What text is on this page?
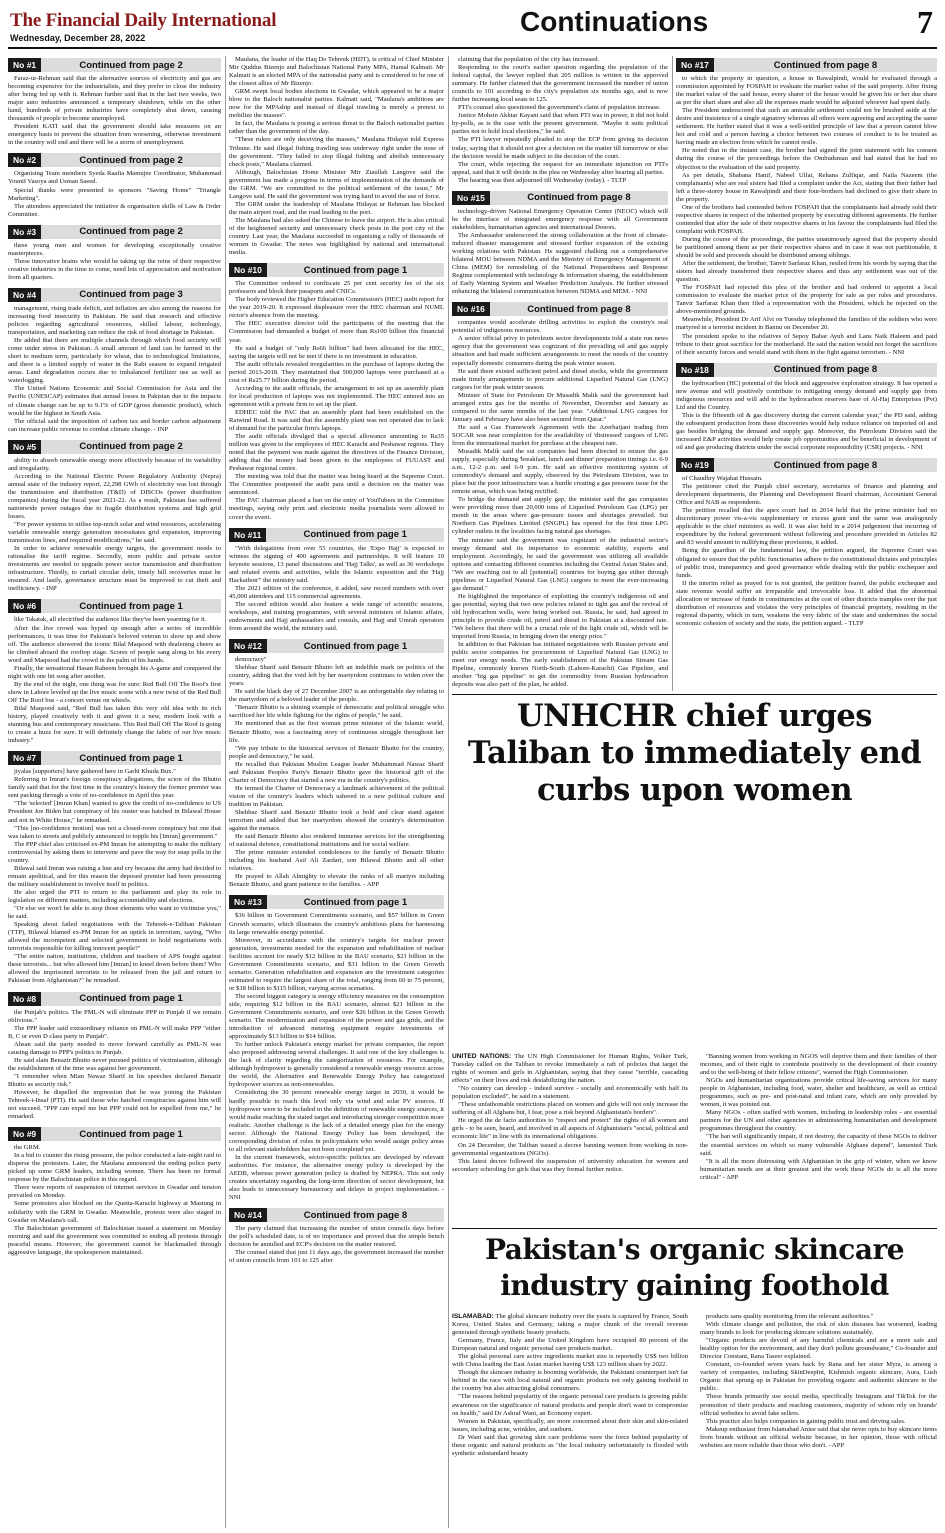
The Financial Daily International
Wednesday, December 28, 2022
Continuations	7
No #1	Continued from page 2

Faraz-ur-Rehman said that the alternative sources of electricity and gas are becoming expensive for the industrialists, and they prefer to close the industry after being fed up with it. Rehman further said that in the last two weeks, two major auto industries announced a temporary shutdown, while on the other hand, hundreds of private industries have completely shut down, causing thousands of people to become unemployed.

President KATI said that the government should take measures on an emergency basis to prevent the situation from worsening, otherwise investment in the country will end and there will be a storm of unemployment.

No #2	Continued from page 2

Organising Team members Syeda Raafia Mamujee Coordinator, Muhammad Younif Vasoya and Usman Saeed.

Special thanks were presented to sponsors "Saving Home" "Triangle Marketing".

The attendees appreciated the initiative & organisation skills of Law & Order Committee.

No #3	Continued from page 2

these young men and women for developing exceptionally creative masterpieces.

These innovative brains who would be taking up the reins of their respective creative industries in the time to come, need lots of approciation and motivation from all quarters.

No #4	Continued from page 3

management, rising trade deficit, and inflation are also among the reasons for increasing food insecurity in Pakistan. He said that research and effective policies regarding agricultural resources, skilled labour, technology, transportation, and marketing can reduce the risk of food shortage in Pakistan.

He added that there are multiple channels through which food security will come under stress in Pakistan. A small amount of land can be farmed in the short to medium term, particularly for wheat, due to technological limitations, and there is a limited supply of water in the Rabi season to expand irrigated areas. Land degradation occurs due to imbalanced fertilizer use as well as waterlogging.

The United Nations Economic and Social Commission for Asia and the Pacific (UNESCAP) estimates that annual losses in Pakistan due to the impacts of climate change can be up to 9.1% of GDP (gross domestic product), which would be the highest in South Asia.

The official said the imposition of carbon tax and border carbon adjustment can increase public revenue to combat climate change. - INP

No #5	Continued from page 2

ability to absorb renewable energy more effectively because of its variability and irregularity.

According to the National Electric Power Regulatory Authority (Nepra) annual state of the industry report, 22,298 GWh of electricity was lost through the transmission and distribution (T&D) of DISCOs (power distribution companies) during the fiscal year 2021-22. As a result, Pakistan has suffered nationwide power outages due to fragile distribution systems and high grid losses.

"For power systems to utilise top-notch solar and wind resources, accelerating variable renewable energy generation necessitates grid expansion, improving transmission lines, and required modifications," he said.

In order to achieve renewable energy targets, the government needs to rationalise the tariff regime. Secondly, more public and private sector investments are needed to upgrade power sector transmission and distribution infrastructure. Thirdly, to curtail circular debt, timely bill recoveries must be ensured. And lastly, governance structure must be improved to cut theft and inefficiency. - INP

No #6	Continued from page 1

like Takatak, all electrified the audience like they've been yearning for it.

After the live crowd was hyped up enough after a series of incredible performances, it was time for Pakistan's beloved veteran to show up and show off. The audience showered the iconic Bilal Maqsood with deafening cheers as he climbed aboard the rooftop stage. Scores of people sang along to his every word and Maqsood had the crowd in the palm of his hands.

Finally, the sensational Hasan Raheem brought his A-game and conquered the night with one hit song after another.

By the end of the night, one thing was for sure: Red Bull Off The Roof's first show in Lahore leveled up the live music scene with a new twist of the Red Bull Off The Roof bus - a concert venue on wheels.

Bilal Maqsood said, "Red Bull has taken this very old idea with its rich history, played creatively with it and given it a new, modern look with a stunning bus and contemporary musicians. This Red Bull Off The Roof is going to create a buzz for sure. It will definitely change the fabric of our live music industry."

No #7	Continued from page 1

jiyalas [supporters] have gathered here in Garhi Khuda Bux."

Referring to Imran's foreign conspiracy allegations, the scion of the Bhutto family said that for the first time in the country's history the former premier was sent packing through a vote of no-confidence in April this year.

"The 'selected' [Imran Khan] wanted to give the credit of no-confidence to US President Joe Biden but conspiracy of his ouster was hatched in Bilawal House and not in White House," he remarked.

"This [no-confidence motion] was not a closed-room conspiracy but one that was taken to streets and publicly announced to topple his [Imran] government."

The PPP chief also criticised ex-PM Imran for attempting to make the military controversial by asking them to intervene and pave the way for snap polls in the country.

Bilawal said Imran was raising a hue and cry because the army had decided to remain apolitical, and for this reason the deposed premier had been pressuring the military establishment to involve itself in politics.

He also urged the PTI to return to the parliament and play its role in legislation on different matters, including accountability and elections.

"Or else we won't be able to stop those elements who want to victimise you," he said.

Speaking about failed negotiations with the Tehreek-e-Taliban Pakistan (TTP), Bilawal blamed ex-PM Imran for an uptick in terrorism, saying, "Who allowed the incompetent and selected government to hold negotiations with terrorists responsible for killing innocent people?"

"The entire nation, institutions, children and teachers of APS fought against these terrorists... but who allowed him [Imran] to kneel down before them? Who allowed the imprisoned terrorists to be released from the jail and return to Pakistan from Afghanistan?" he remarked.

No #8	Continued from page 1

the Punjab's politics. The PML-N will eliminate PPP in Punjab if we remain oblivious."

The PPP leader said extraordinary reliance on PML-N will make PPP "either B, C or even D class party in Punjab".

Ahsan said the party needed to move forward carefully as PML-N was causing damage to PPP's politics in Punjab.

He said slain Benazir Bhutto never pursued politics of victimisation, although the establishment of the time was against her government.

"I remember when Mian Nawaz Sharif in his speeches declared Benazir Bhutto as security risk."

However, he dispelled the impression that he was joining the Pakistan Tehreek-i-Insaf (PTI). He said those who hatched conspiracies against him will not succeed. "PPP can expel me but PPP could not be expelled from me," he remarked.

No #9	Continued from page 1

the GRM.

In a bid to counter the rising pressure, the police conducted a late-night raid to disperse the protesters. Later, the Maulana announced the ending police party picked up some GRM leaders, including women. There has been no formal response by the Balochistan police in this regard.

There were reports of suspension of internet services in Gwadar and tension prevailed on Monday.

Some protesters also blocked on the Quetta-Karachi highway at Mastung in solidarity with the GRM in Gwadar. Meanwhile, protests were also staged in Gwadar on Maulana's call.

The Balochistan government of Balochistan issued a statement on Monday morning and said the government was committed to ending all protests through peaceful means. However, the government cannot be blackmailed through aggressive language, the spokesperson maintained.

Maulana, the leader of the Haq Do Tehreek (HDT), is critical of Chief Minister Mir Quddus Bizenjo and Balochistan National Party MPA, Hamal Kalmati. Mr Kalmati is an elected MPA of the nationalist party and is considered to be one of the closest allies of Mr Bizenjo.

GRM swept local bodies elections in Gwadar, which appeared to be a major blow to the Baloch nationalist parties. Kalmati said, "Maulana's ambitions are now for the MPAship and instead of illegal trawling is merely a pretext to mobilize the masses".

In fact, the Maulana is posing a serious threat to the Baloch nationalist parties rather than the government of the day.

"These rulers are only deceiving the masses," Maulana Hidayat told Express Tribune. He said illegal fishing trawling was underway right under the nose of the government. "They failed to stop illegal fishing and abolish unnecessary check posts," Maulana claimed.

Although, Balochistan Home Minister Mir Ziaullah Langove said the government has made a progress in terms of implementation of the demands of the GRM. "We are committed to the political settlement of the issue," Mr Langove said. He said the government was trying hard to avoid the use of force.

The GRM under the leadership of Maulana Hidayat ur Rehman has blocked the main airport road, and the road leading to the port.

The Maulana had also asked the Chinese to leave the airport. He is also critical of the heightened security and unnecessary check posts in the port city of the country. Last year, the Maulana succeeded in organising a rally of thousands of women in Gwadar. The news was highlighted by national and international media.

No #10	Continued from page 1

The Committee ordered to confiscate 25 per cent security fee of the six professors and block their passports and CNICs.

The body reviewed the Higher Education Commission's (HEC) audit report for the year 2019-20. It expressed displeasure over the HEC chairman and NUML rector's absence from the meeting.

The HEC executive director told the participants of the meeting that the Commission had demanded a budget of more than Rs100 billion this financial year.

He said a budget of "only Rs66 billion" had been allocated for the HEC, saying the targets will not be met if there is no investment in education.

The audit officials revealed irregularities in the purchase of laptops during the period 2013-2018. They maintained that 500,000 laptops were purchased at a cost of Rs25.77 billion during the period.

According to the audit officials, the arrangement to set up an assembly plant for local production of laptops was not implemented. The HEC entered into an agreement with a private firm to set up the plant.

EDHEC told the PAC that an assembly plant had been established on the Raiwind Road. It was said that the assembly plant was not operated due to lack of demand for the particular firm's laptops.

The audit officials divulged that a special allowance amounting to Rs35 million was given to the employees of HEC Karachi and Peshawar regions. They noted that the payment was made against the directives of the Finance Division, adding that the money had been given to the employees of FUUAST and Peshawar regional centre.

The meeting was told that the matter was being heard at the Supreme Court. The Committee postponed the audit para until a decision on the matter was announced.

The PAC chairman placed a ban on the entry of YouTubers in the Committee meetings, saying only print and electronic media journalists were allowed to cover the event.

No #11	Continued from page 1

"With delegations from over 55 countries, the 'Expo Hajj' is expected to witness the signing of 400 agreements and partnerships. It will feature 10 keynote sessions, 13 panel discussions and 'Hajj Talks', as well as 36 workshops and related events and activities, while the Islamic exposition and the 'Hajj Hackathon'" the ministry said.

The 2021 edition of the conference, it added, saw record numbers with over 45,000 attendees and 115 commercial agreements.

The second edition would also feature a wide range of scientific sessions, workshops, and training programmes, with several ministers of Islamic affairs, endowments and Hajj ambassadors and consuls, and Hajj and Umrah operators from around the world, the ministry said.

No #12	Continued from page 1

democracy"

Shehbaz Sharif said Benazir Bhutto left an indelible mark on politics of the country, adding that the void left by her martyrdom continues to widen over the years.

He said the black day of 27 December 2007 is an unforgettable day relating to the martyrdom of a beloved leader of the people.

"Benazir Bhutto is a shining example of democratic and political struggle who sacrificed her life while fighting for the rights of people," he said.

He mentioned that as the first woman prime minister of the Islamic world, Benazir Bhutto, was a fascinating story of continuous struggle throughout her life.

"We pay tribute to the historical services of Benazir Bhutto for the country, people and democracy," he said.

He recalled that Pakistan Muslim League leader Muhammad Nawaz Sharif and Pakistan Peoples Party's Benazir Bhutto gave the historical gift of the Charter of Democracy that started a new era in the country's politics.

He termed the Charter of Democracy a landmark achievement of the political vision of the country's leaders which ushered in a new political culture and tradition in Pakistan.

Shehbaz Sharif said Benazir Bhutto took a bold and clear stand against terrorism and added that her martyrdom showed the country's determination against the menace.

He said Benazir Bhutto also rendered immense services for the strengthening of national defence, constitutional institutions and for social welfare.

The prime minister extended condolences to the family of Benazir Bhutto including his husband Asif Ali Zardari, son Bilawal Bhutto and all other relatives.

He prayed to Allah Almighty to elevate the ranks of all martyrs including Benazir Bhutto, and grant patience to the families. - APP

No #13	Continued from page 1

$36 billion in Government Commitments scenario, and $57 billion in Green Growth scenario, which illustrates the country's ambitious plans for harnessing its large renewable energy potential.

Moreover, in accordance with the country's targets for nuclear power generation, investments needed for the expansion and rehabilitation of nuclear facilities account for nearly $12 billion in the BAU scenario, $21 billion in the Government Commitments scenario, and $31 billion in the Green Growth scenario. Generation rehabilitation and expansion are the investment categories estimated to require the largest share of the total, ranging from 60 to 75 percent, or $18 billion to $115 billion, varying across scenarios.

The second biggest category is energy efficiency measures on the consumption side, requiring $12 billion in the BAU scenario, almost $21 billion in the Government Commitments scenario, and over $26 billion in the Green Growth scenario. The modernization and expansion of the power and gas grids, and the introduction of advanced metering equipment require investments of approximately $13 billion to $14 billion.

To further unlock Pakistan's energy market for private companies, the report also proposed addressing several challenges. It said one of the key challenges is the lack of clarity regarding the categorization of resources. For example, although hydropower is generally considered a renewable energy resource across the world, the Alternative and Renewable Energy Policy has categorized hydropower sources as non-renewables.

Considering the 30 percent renewable energy target in 2030, it would be hardly possible to reach this level only via wind and solar PV sources. If hydropower were to be included in the definition of renewable energy sources, it would make reaching the stated target and introducing stronger competition more realistic. Another challenge is the lack of a detailed energy plan for the energy sector. Although the National Energy Policy has been developed, the corresponding division of roles in policymakers who would assign policy areas to all relevant stakeholders has not been completed yet.

In the current framework, sector-specific policies are developed by relevant authorities. For instance, the alternative energy policy is developed by the AEDB, whereas power generation policy is drafted by NEPRA. This not only creates uncertainty regarding the long-term direction of sector development, but also leads to unnecessary bureaucracy and delays in project implementation. - NNI

No #14	Continued from page 8

The party claimed that increasing the number of union councils days before the poll's scheduled date, is of no importance and proved that the simple bench decision be annulled and ECP's decision on the matter restored.

The counsel stated that just 11 days ago, the government increased the number of union councils from 101 to 125 after

claiming that the population of the city has increased.

Responding to the court's earlier question regarding the population of the federal capital, the lawyer replied that 205 million is written in the approved summary. He further claimed that the government increased the number of union councils to 101 according to the city's population six months ago, and is now further increasing local seats to 125.

PTI's counsel also questioned the government's claim of population increase.

Justice Mohsin Akhtar Kayani said that when PTI was in power, it did not hold by-polls, as is the case with the present government. "Maybe it suits political parties not to hold local elections," he said.

The PTI lawyer repeatedly pleaded to stop the ECP from giving its decision today, saying that it should not give a decision on the matter till tomorrow or else the decision would be made subject to the decision of the court.

The court, while rejecting the request for an immediate injunction on PTI's appeal, said that it will decide in the plea on Wednesday after hearing all parties.

The hearing was then adjourned till Wednesday (today). - TLTP

No #15	Continued from page 8

technology-driven National Emergency Operation Centre (NEOC) which will be the interface of integrated emergency response with all Government stakeholders, humanitarian agencies and international Donors.

The Ambassador underscored the strong collaboration at the front of climate-induced disaster management and stressed further expansion of the existing working relations with Pakistan. He suggested chalking out a comprehensive bilateral MOU between NDMA and the Ministry of Emergency Management of China (MEM) for remodeling of the National Preparedness and Response Regime complemented with technology & information sharing, the establishment of Early Warning System and Weather Prediction Analysis. He further stressed enhancing the bilateral communication between NDMA and MEM. - NNI

No #16	Continued from page 8

companies would accelerate drilling activities to exploit the country's real potential of indigenous resources.

A senior official privy to petroleum sector developments told a state run news agency that the government was cognizant of the prevailing oil and gas supply situation and had made sufficient arrangements to meet the needs of the country especially domestic consumers during the peak winter season.

He said there existed sufficient petrol and diesel stocks, while the government made timely arrangements to procure additional Liquefied Natural Gas (LNG) cargoes for the peak winter season.

Minister of State for Petroleum Dr Musadik Malik said the government had arranged extra gas for the months of November, December and January as compared to the same months of the last year. "Additional LNG cargoes for January and February have also been secured from Qatar."

He said a Gas Framework Agreement with the Azerbaijani trading firm SOCAR was near completion for the availability of 'distressed' cargoes of LNG from the international market for purchase at the cheapest rate.

Musadik Malik said the sui companies had been directed to ensure the gas supply, especially during 'breakfast, lunch and dinner' preparation timings i.e. 6-9 a.m., 12-2 p.m. and 6-9 p.m. He said an effective monitoring system of commodity's demand and supply, observed by the Petroleum Division, was in place but the poor infrastructure was a hurdle creating a gas pressure issue for the remote areas, which was being rectified.

To bridge the demand and supply gap, the minister said the gas companies were providing more than 20,000 tons of Liquefied Petroleum Gas (LPG) per month in the areas where gas-pressure issues and shortages prevailed. Sui Northern Gas Pipelines Limited (SNGPL) has opened for the first time LPG cylinder outlets in the localities facing natural gas shortages.

The minister said the government was cognizant of the industrial sector's energy demand and its importance to economic stability, exports and employment. Accordingly, he said the government was utilizing all available options and contacting different countries including the Central Asian States and, "We are reaching out to all [potential] countries for buying gas either through pipelines or Liquefied Natural Gas (LNG) cargoes to meet the ever-increasing gas demand."

He highlighted the importance of exploiting the country's indigenous oil and gas potential, saying that two new policies related to tight gas and the revival of old hydrocarbon wells, were being worked out. Russia, he said, had agreed in principle to provide crude oil, petrol and diesel to Pakistan at a discounted rate. "We believe that there will be a crucial role of the light crude oil, which will be imported from Russia, in bringing down the energy price."

In addition to that Pakistan has initiated negotiations with Russian private and public sector companies for procurement of Liquefied Natural Gas (LNG) to meet our energy needs. The early establishment of the Pakistan Stream Gas Pipeline, commonly known North-South (Lahore-Karachi) Gas Pipeline, and another "big gas pipeline" to get the commodity from Russian hydrocarbon deposits was also part of the plan, he added.

No #17	Continued from page 8

to which the property in question, a house in Rawalpindi, would be evaluated through a commission appointed by FOSPAH to evaluate the market value of the said property. After fixing the market value of the said house, every sharer of the house would be given his or her due share as per the shari share and also all the expenses made would be adjusted whoever had spent daily.

The President underscored that such an amicable settlement could not be brushed aside at the desire and insistence of a single signatory whereas all others were agreeing and accepting the same settlement. He further stated that it was a well-settled principle of law that a person cannot blow hot and cold and a person having a choice between two courses of conduct is to be treated as having made an election from which he cannot resile.

He noted that in the instant case, the brother had signed the joint statement with his consent during the course of the proceedings before the Ombudsman and had stated that he had no objection to the evaluation of the said property.

As per details, Shabana Hanif, Nabeel Ulfat, Rehana Zulfiqar, and Naila Nazeem (the complainants) who are real sisters had filed a complaint under the Act, stating that their father had left a three-storey house in Rawalpindi and their four-brothers had declined to give their share in the property.

One of the brothers had contended before FOSPAH that the complainants had already sold their respective shares in respect of the inherited property by executing different agreements. He further contended that after the sale of their respective shares in his favour the complainants had filed the complaint with FOSPAH.

During the course of the proceedings, the parties unanimously agreed that the property should be partitioned among them as per their respective shares and in case it was not partitionable, it should be sold and proceeds should be distributed among siblings.

After the settlement, the brother, Tanvir Sarfaraz Khan, resiled from his words by saying that the sisters had already transferred their respective shares and thus any settlement was out of the question.

The FOSPAH had rejected this plea of the brother and had ordered to appoint a local commission to evaluate the market price of the property for sale as per rules and procedures. Tanvir Sarfaraz Khan then filed a representation with the President, which he rejected on the above-mentioned grounds.

Meanwhile, President Dr Arif Alvi on Tuesday telephoned the families of the soldiers who were martyred in a terrorist incident in Bannu on December 20.

The president spoke to the relatives of Sepoy Babar Ayub and Lans Naik Haleem and paid tribute to their great sacrifice for the motherland. He said the nation would not forget the sacrifices of their security forces and would stand with them in the fight against terrorism. - NNI

No #18	Continued from page 8

the hydrocarbon (HC) potential of the block and aggressive exploration strategy. It has opened a new avenue and will positively contribute to mitigating energy demand and supply gap from indigenous resources and will add to the hydrocarbon reserves base of Al-Haj Enterprises (Pvt) Ltd and the Country.

This is the fifteenth oil & gas discovery during the current calendar year," the PD said, adding the subsequent production from these discoveries would help reduce reliance on imported oil and gas besides bridging the demand and supply gap. Moreover, the Petroleum Division said the increased E&P activities would help create job opportunities and be beneficial in development of oil and gas producing districts under the social corporate responsibility (CSR) projects. - NNI

No #19	Continued from page 8

of Chaudhry Wajahat Hussain.

The petitioner cited the Punjab chief secretary, secretaries of finance and planning and development departments, the Planning and Development Board chairman, Accountant General Office and NAB as respondents.

The petition recalled that the apex court had in 2014 held that the prime minister had no discretionary power vis-a-vis supplementary or excess grant and the same was analogously applicable to the chief ministers as well. It was also held in a 2014 judgement that incurring of expenditure by the federal government without following and procedure provided in Articles 82 and 83 would amount to nullifying these provisions, it added.

Being the guardian of the fundamental law, the petition argued, the Supreme Court was obligated to ensure that the public functionaries adhere to the constitutional dictates and principles of public trust, transparency and good governance while dealing with the public exchequer and funds.

If the interim relief as prayed for is not granted, the petition feared, the public exchequer and state revenue would suffer an irreparable and irrevocable loss. It added that the abnormal allocation or increase of funds in constituencies at the cost of other districts tramples over the just distribution of resources and violates the very principles of financial propriety, resulting in the regional disparity, which in turn, weakens the very fabric of the state and undermines the social economic cohesion of society and the state, the petition argued. - TLTP

UNHCHR chief urges Taliban to immediately end curbs upon women

UNITED NATIONS: The UN High Commissioner for Human Rights, Volker Turk, Tuesday called on the Taliban to revoke immediately a raft of policies that target the rights of women and girls in Afghanistan, saying that they cause "terrible, cascading effects" on their lives and risk destabilizing the nation.

"No country can develop - indeed survive - socially and economically with half its population excluded", he said in a statement.

"These unfathomable restrictions placed on women and girls will not only increase the suffering of all Afghans but, I fear, pose a risk beyond Afghanistan's borders".

He urged the de facto authorities to "respect and protect" the rights of all women and girls - to be seen, heard, and involved in all aspects of Afghanistan's "social, political and economic life" in line with its international obligations.

On 24 December, the Taliban issued a decree banning women from working in non-governmental organizations (NGOs).

This latest decree followed the suspension of university education for women and secondary schooling for girls that was they formal further notice.

"Banning women from working in NGOS will deprive them and their families of their incomes, and of their right to contribute positively to the development of their country and to the well-being of their fellow citizens", warned the High Commissioner.

NGOs and humanitarian organizations provide critical life-saving services for many people in Afghanistan, including food, water, shelter and healthcare, as well as critical programmes, such as pre- and post-natal and infant care, which are only provided by women, it was pointed out.

Many NGOs - often staffed with women, including in leadership roles - are essential partners for the UN and other agencies in administering humanitarian and development programmes throughout the country.

"The ban will significantly impair, if not destroy, the capacity of these NGOs to deliver the essential services on which so many vulnerable Afghans depend", lamented Turk said.

"It is all the more distressing with Afghanistan in the grip of winter, when we know humanitarian needs are at their greatest and the work these NGOs do is all the more critical" - APP

Pakistan's organic skincare industry gaining foothold

ISLAMABAD: The global skincare industry over the years is captured by France, South Korea, United States and Germany, taking a major chunk of the overall revenue generated through synthetic beauty products.

Germany, France, Italy and the United Kingdom have occupied 80 percent of the European natural and organic personal care products market.

The global personal care active ingredients market size is reportedly US$ two billion with China leading the East Asian market having US$ 123 million share by 2022.

Though the skincare industry is booming worldwide, the Pakistani counterpart isn't far behind in the race with local natural and organic products not only gaining foothold in the country but also attracting global consumers.

"The reasons behind popularity of the organic personal care products is growing public awareness on the significance of natural products and people don't want to compromise on health," said Dr Ashraf Wani, an Economy expert.

Women in Pakistan, specifically, are more concerned about their skin and skin-related issues, including acne, wrinkles, and sunburn.

Dr Wani said that growing skin care problems were the force behind popularity of these organic and natural products as "the local industry unfortunately is flooded with synthetic substandard beauty

products sans quality monitoring from the relevant authorities."

With climate change and pollution, the risk of skin diseases has worsened, leading many brands to look for producing skincare solutions sustainably.

"Organic products are devoid of any harmful chemicals and are a more safe and healthy option for the environment, and they don't pollute groundwater," Co-founder and Director Constant, Rana Taseer explained.

Constant, co-founded seven years back by Rana and her sister Myra, is among a variety of companies, including SkinDeepInt, Kishmish organic skincare, Aura, Lush Organic that sprung up in Pakistan for providing organic and authentic skincare to the public.

These brands primarily use social media, specifically Instagram and TikTok for the promotion of their products and reaching customers, majority of whom rely on brands' official websites to avoid fake sellers.

This practice also helps companies in gaining public trust and driving sales.

Makeup enthusiast from Islamabad Aniee said that she never opts to buy skincare items from brands without an official website because, in her opinion, those with official websites are more reliable than those who don't. - APP
